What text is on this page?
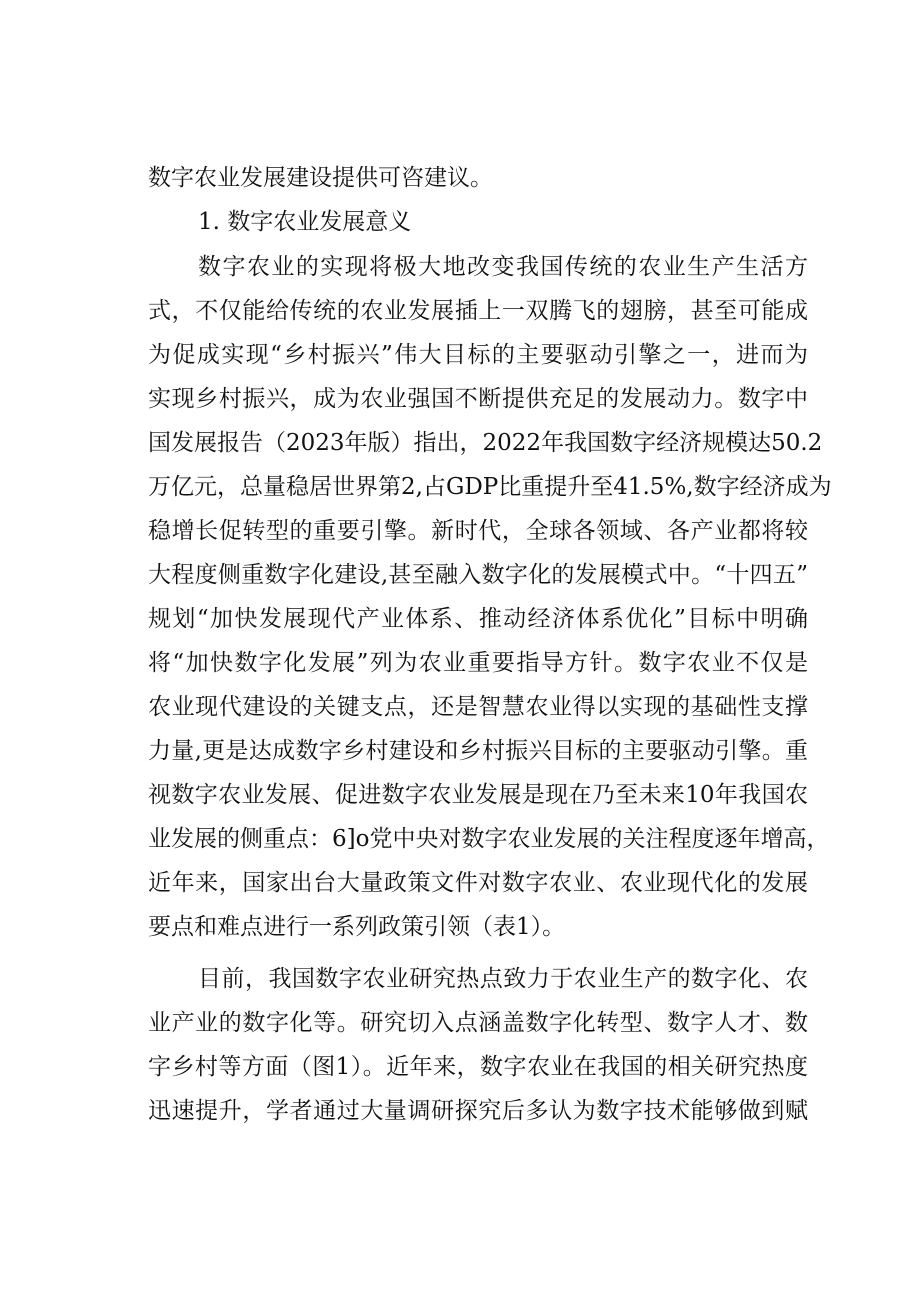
数字农业发展建设提供可咨建议。
1. 数字农业发展意义
数字农业的实现将极大地改变我国传统的农业生产生活方
式，不仅能给传统的农业发展插上一双腾飞的翅膀，甚至可能成
为促成实现“乡村振兴”伟大目标的主要驱动引擎之一，进而为
实现乡村振兴，成为农业强国不断提供充足的发展动力。数字中
国发展报告（2023年版）指出，2022年我国数字经济规模达50.2
万亿元，总量稳居世界第2,占GDP比重提升至41.5%,数字经济成为
稳增长促转型的重要引擎。新时代，全球各领域、各产业都将较
大程度侧重数字化建设,甚至融入数字化的发展模式中。“十四五”
规划“加快发展现代产业体系、推动经济体系优化”目标中明确
将“加快数字化发展”列为农业重要指导方针。数字农业不仅是
农业现代建设的关键支点，还是智慧农业得以实现的基础性支撑
力量,更是达成数字乡村建设和乡村振兴目标的主要驱动引擎。重
视数字农业发展、促进数字农业发展是现在乃至未来10年我国农
业发展的侧重点：6]o党中央对数字农业发展的关注程度逐年增高，
近年来，国家出台大量政策文件对数字农业、农业现代化的发展
要点和难点进行一系列政策引领（表1）。
目前，我国数字农业研究热点致力于农业生产的数字化、农
业产业的数字化等。研究切入点涵盖数字化转型、数字人才、数
字乡村等方面（图1）。近年来，数字农业在我国的相关研究热度
迅速提升，学者通过大量调研探究后多认为数字技术能够做到赋
